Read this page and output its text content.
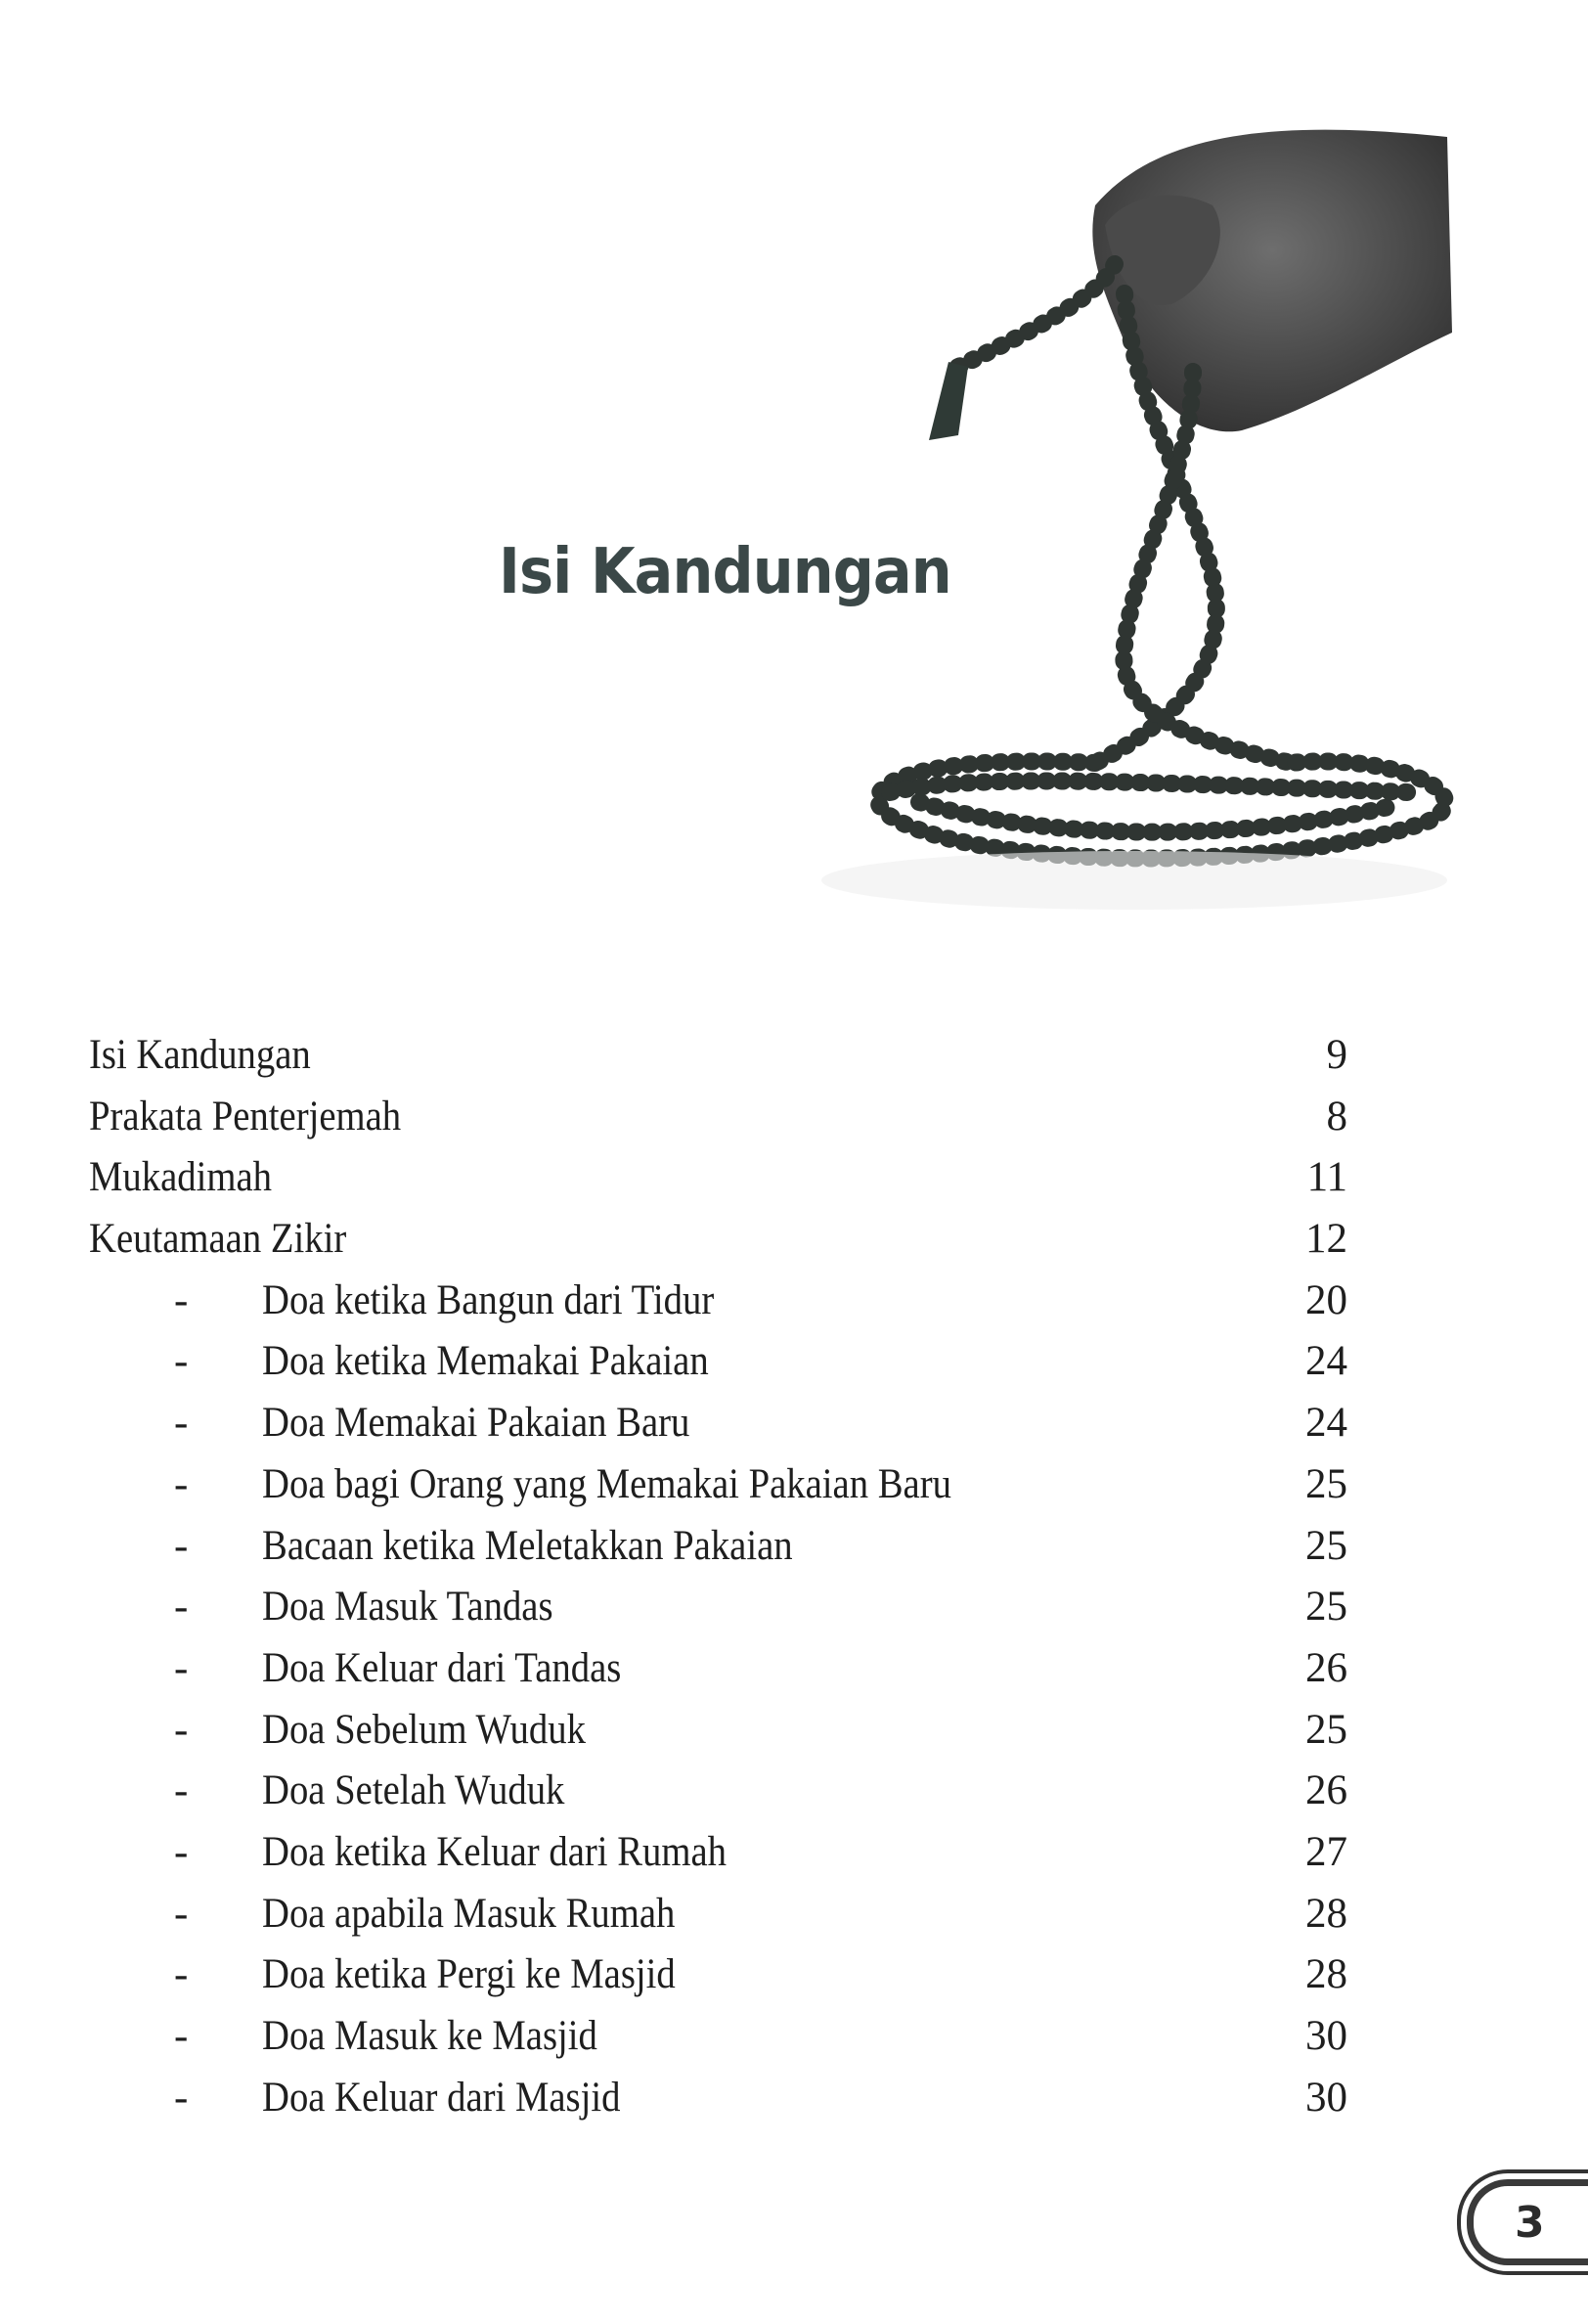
Isi Kandungan
Isi Kandungan	9
Prakata Penterjemah	8
Mukadimah	11
Keutamaan Zikir	12
- Doa ketika Bangun dari Tidur	20
- Doa ketika Memakai Pakaian	24
- Doa Memakai Pakaian Baru	24
- Doa bagi Orang yang Memakai Pakaian Baru	25
- Bacaan ketika Meletakkan Pakaian	25
- Doa Masuk Tandas	25
- Doa Keluar dari Tandas	26
- Doa Sebelum Wuduk	25
- Doa Setelah Wuduk	26
- Doa ketika Keluar dari Rumah	27
- Doa apabila Masuk Rumah	28
- Doa ketika Pergi ke Masjid	28
- Doa Masuk ke Masjid	30
- Doa Keluar dari Masjid	30
3
